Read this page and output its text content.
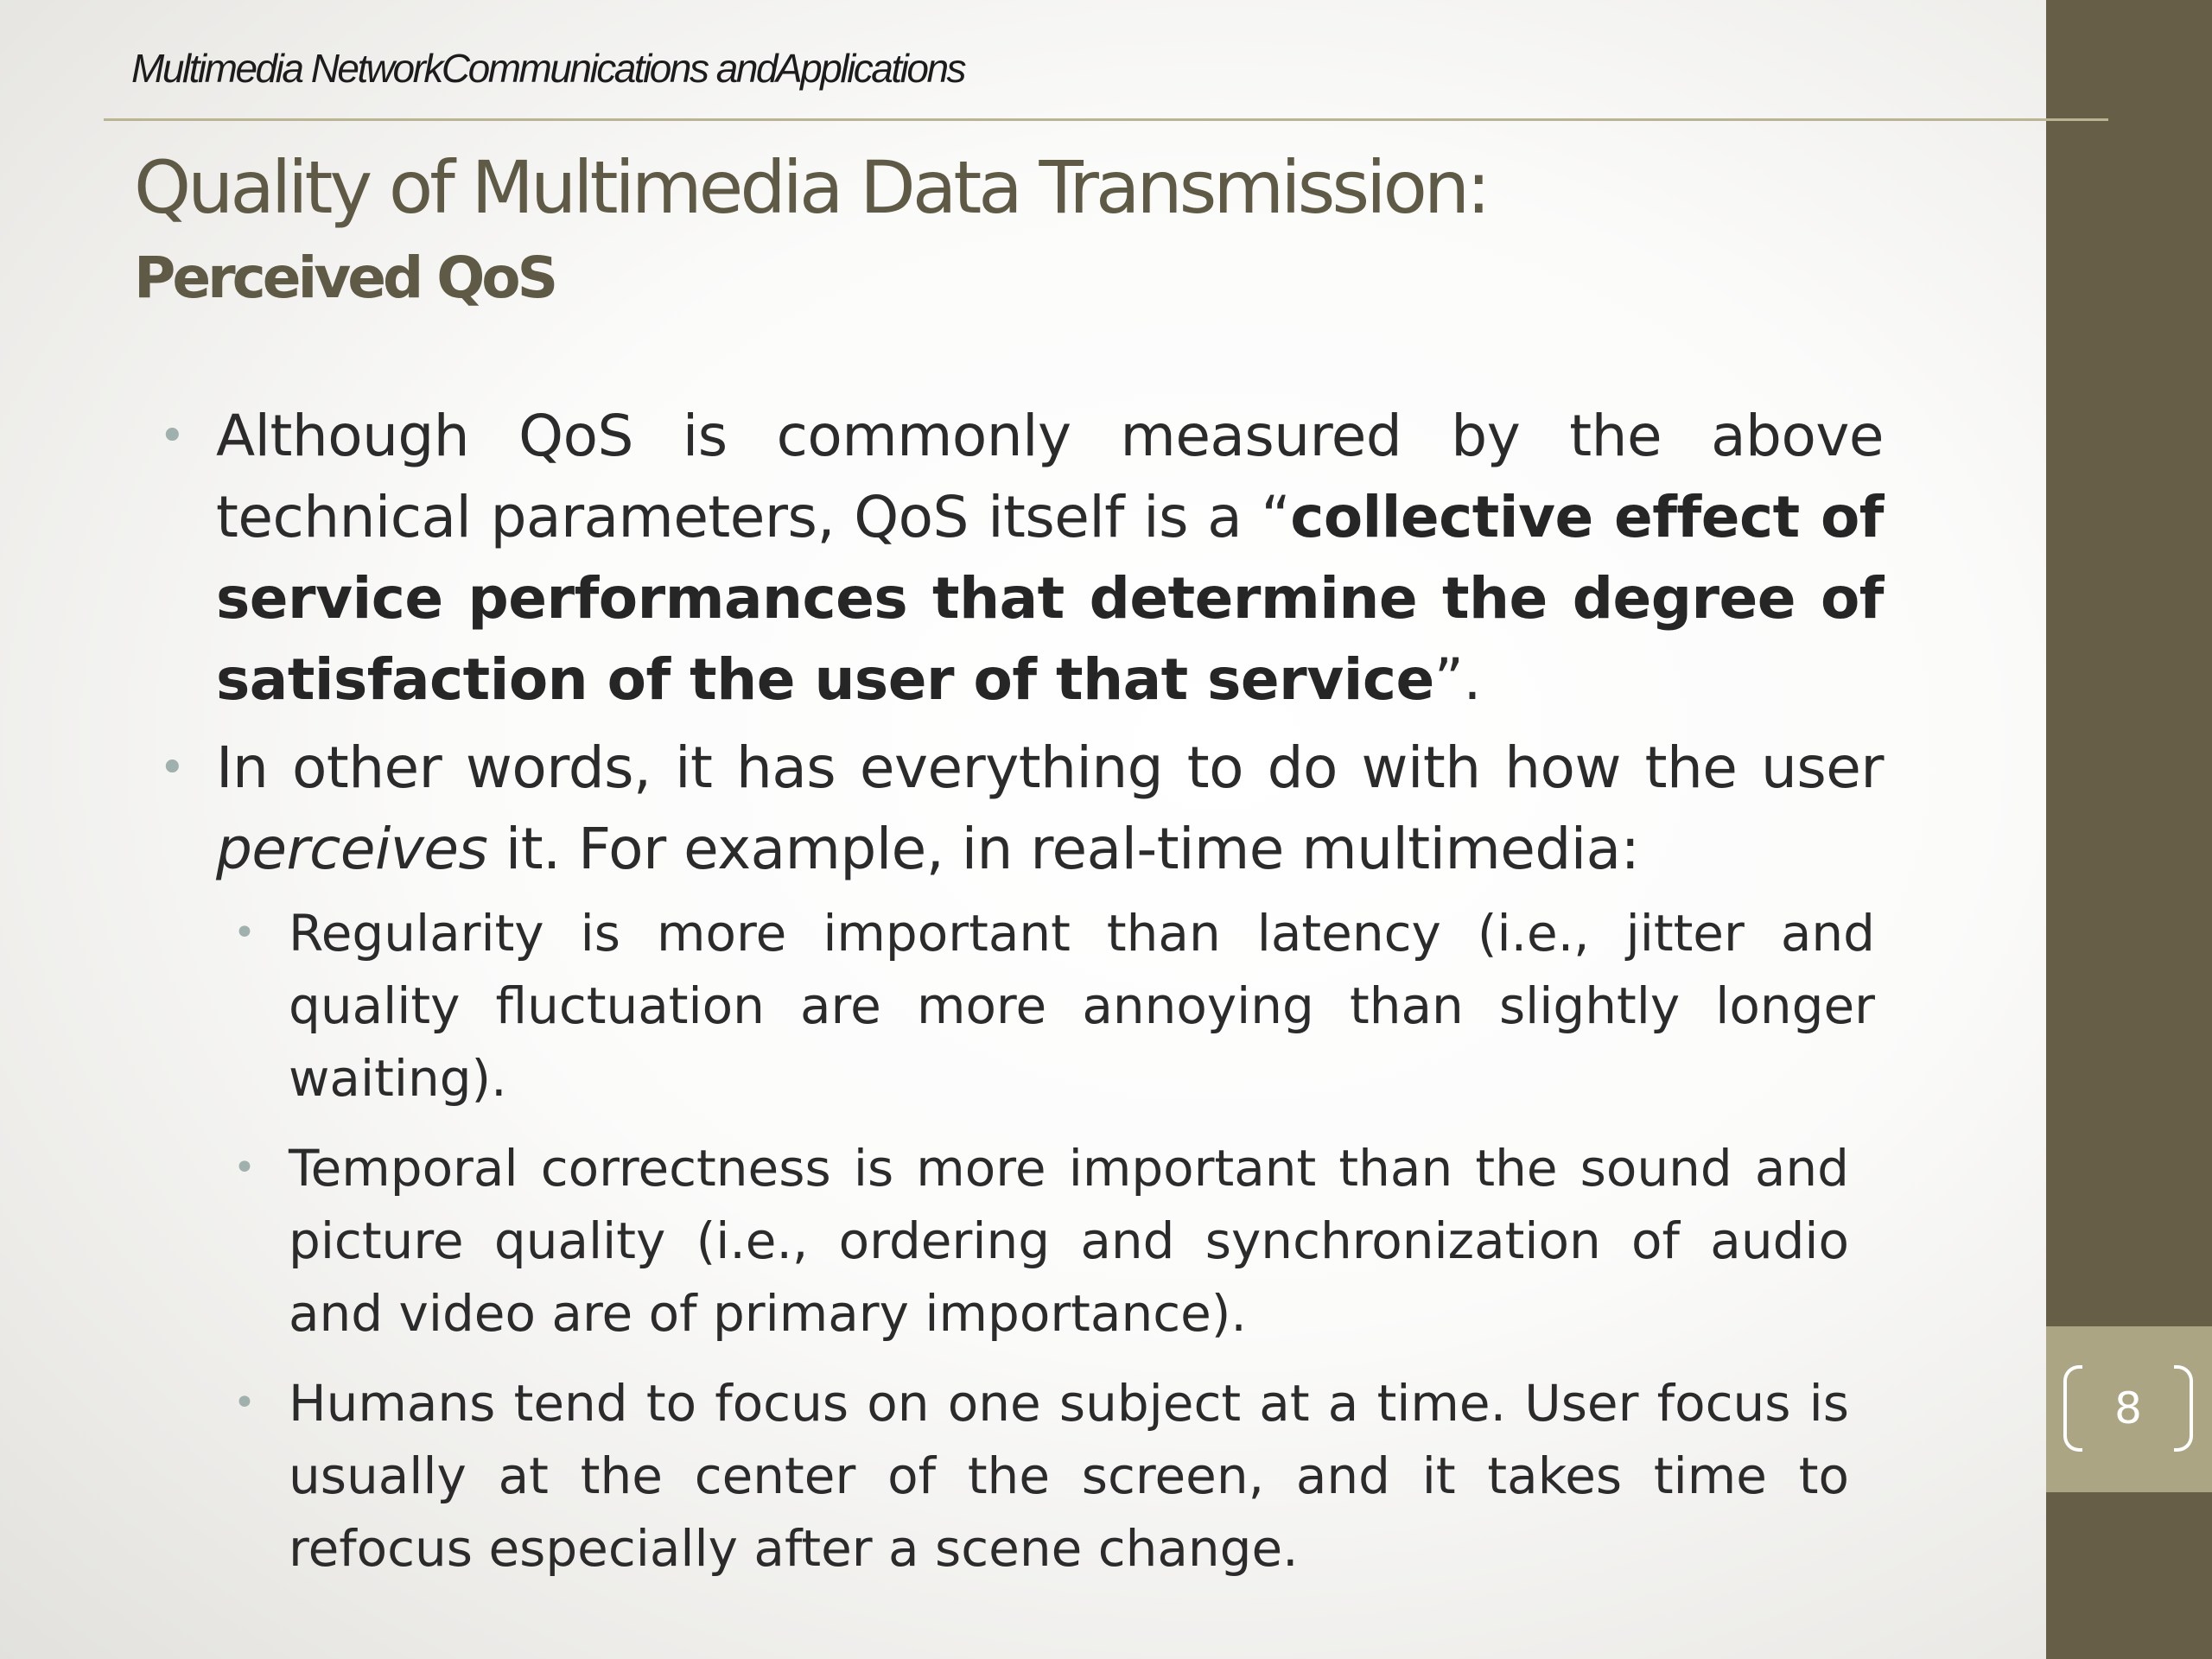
8
Multimedia NetworkCommunications andApplications
Quality of Multimedia Data Transmission:
Perceived QoS
• Although QoS is commonly measured by the above technical parameters, QoS itself is a “collective effect of service performances that determine the degree of satisfaction of the user of that service”.
• In other words, it has everything to do with how the user perceives it. For example, in real-time multimedia:
• Regularity is more important than latency (i.e., jitter and quality fluctuation are more annoying than slightly longer waiting).
• Temporal correctness is more important than the sound and picture quality (i.e., ordering and synchronization of audio and video are of primary importance).
• Humans tend to focus on one subject at a time. User focus is usually at the center of the screen, and it takes time to refocus especially after a scene change.
